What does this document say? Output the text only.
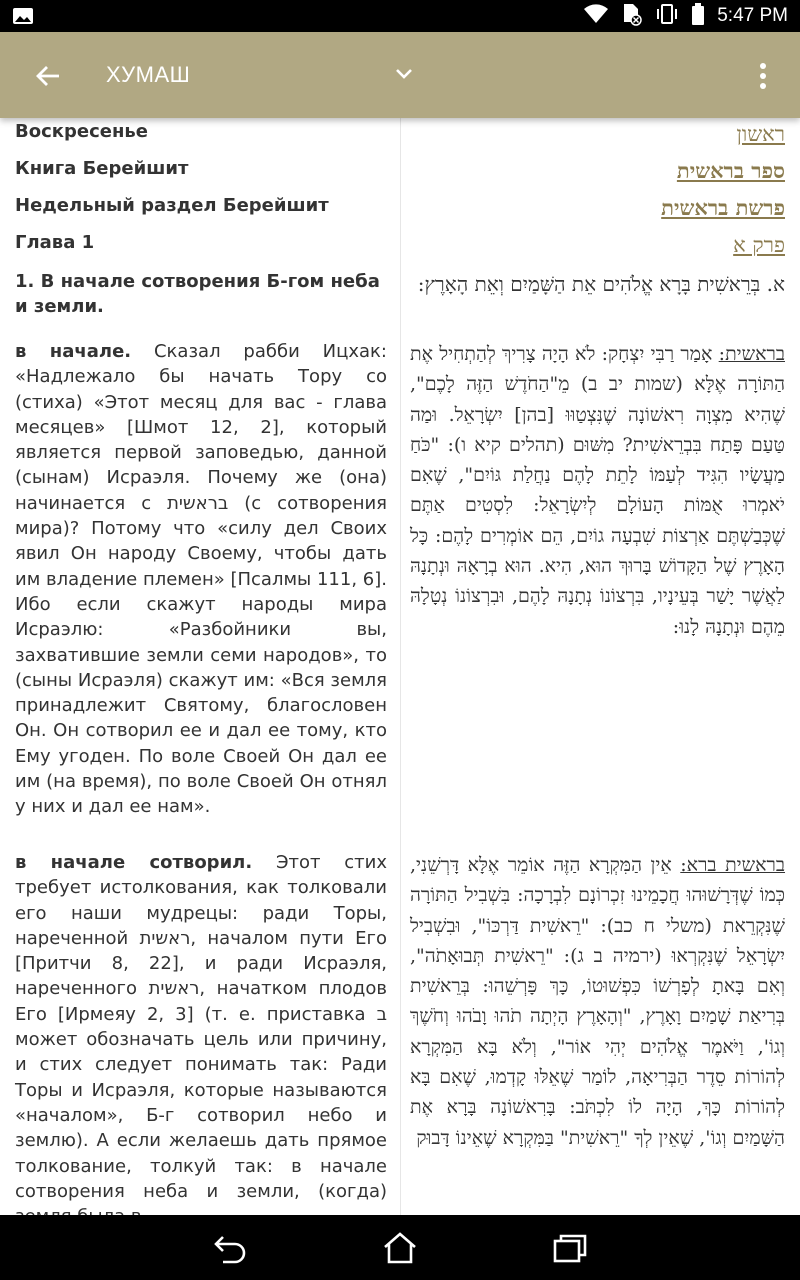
5:47 PM
ХУМАШ
Воскресенье	ראשון
Книга Берейшит	ספר בראשית
Недельный раздел Берейшит	פרשת בראשית
Глава 1	פרק א
1. В начале сотворения Б-гом неба и земли.
א. בְּרֵאשִׁית בָּרָא אֱלֹהִים אֵת הַשָּׁמַיִם וְאֵת הָאָרֶץ:
в начале. Сказал рабби Ицхак: «Надлежало бы начать Тору со (стиха) «Этот месяц для вас - глава месяцев» [Шмот 12, 2], который является первой заповедью, данной (сынам) Исраэля. Почему же (она) начинается с בראשית (с сотворения мира)? Потому что «силу дел Своих явил Он народу Своему, чтобы дать им владение племен» [Псалмы 111, 6]. Ибо если скажут народы мира Исраэлю: «Разбойники вы, захватившие земли семи народов», то (сыны Исраэля) скажут им: «Вся земля принадлежит Святому, благословен Он. Он сотворил ее и дал ее тому, кто Ему угоден. По воле Своей Он дал ее им (на время), по воле Своей Он отнял у них и дал ее нам».
בראשית: אָמַר רַבִּי יִצְחָק: לֹא הָיָה צָרִיךְ לְהַתְחִיל אֶת הַתּוֹרָה אֶלָּא (שמות יב ב) מֵ"הַחֹדֶשׁ הַזֶּה לָכֶם", שֶׁהִיא מִצְוָה רִאשׁוֹנָה שֶׁנִּצְטַוּוּ [בהן] יִשְׂרָאֵל. וּמַה טַּעַם פָּתַח בִּבְרֵאשִׁית? מִשּׁוּם (תהלים קיא ו): "כֹּחַ מַעֲשָׂיו הִגִּיד לְעַמּוֹ לָתֵת לָהֶם נַחֲלַת גּוֹיִם", שֶׁאִם יֹאמְרוּ אֻמּוֹת הָעוֹלָם לְיִשְׂרָאֵל: לִסְטִים אַתֶּם שֶׁכְּבַשְׁתֶּם אַרְצוֹת שִׁבְעָה גוֹיִם, הֵם אוֹמְרִים לָהֶם: כָּל הָאָרֶץ שֶׁל הַקָּדוֹשׁ בָּרוּךְ הוּא, הִיא. הוּא בְרָאָהּ וּנְתָנָהּ לַאֲשֶׁר יָשַׁר בְּעֵינָיו, בִּרְצוֹנוֹ נְתָנָהּ לָהֶם, וּבִרְצוֹנוֹ נְטָלָהּ מֵהֶם וּנְתָנָהּ לָנוּ:
в начале сотворил. Этот стих требует истолкования, как толковали его наши мудрецы: ради Торы, нареченной ראשית, началом пути Его [Притчи 8, 22], и ради Исраэля, нареченного ראשית, начатком плодов Его [Ирмеяу 2, 3] (т. е. приставка ב может обозначать цель или причину, и стих следует понимать так: Ради Торы и Исраэля, которые называются «началом», Б-г сотворил небо и землю). А если желаешь дать прямое толкование, толкуй так: в начале сотворения неба и земли, (когда)
בראשית ברא: אֵין הַמִּקְרָא הַזֶּה אוֹמֵר אֶלָּא דָּרְשֵׁנִי, כְּמוֹ שֶׁדְּרָשׁוּהוּ חֲכָמֵינוּ זִכְרוֹנָם לִבְרָכָה: בִּשְׁבִיל הַתּוֹרָה שֶׁנִּקְרֵאת (משלי ח כב): "רֵאשִׁית דַּרְכּוֹ", וּבִשְׁבִיל יִשְׂרָאֵל שֶׁנִּקְרְאוּ (ירמיה ב ג): "רֵאשִׁית תְּבוּאָתֹה", וְאִם בָּאתָ לְפָרְשׁוֹ כִּפְשׁוּטוֹ, כָּךְ פָּרְשֵׁהוּ: בְּרֵאשִׁית בְּרִיאַת שָׁמַיִם וָאָרֶץ, "וְהָאָרֶץ הָיְתָה תֹהוּ וָבֹהוּ וְחֹשֶׁךְ וְגוֹ', וַיֹּאמֶר אֱלֹהִים יְהִי אוֹר", וְלֹא בָּא הַמִּקְרָא לְהוֹרוֹת סֵדֶר הַבְּרִיאָה, לוֹמַר שֶׁאֵלּוּ קָדְמוּ, שֶׁאִם בָּא לְהוֹרוֹת כָּךְ, הָיָה לוֹ לִכְתֹּב: בָּרִאשׁוֹנָה בָּרָא אֶת הַשָּׁמַיִם וְגוֹ', שֶׁאֵין לְךָ "רֵאשִׁית" בַּמִּקְרָא שֶׁאֵינוֹ דָּבוּק
